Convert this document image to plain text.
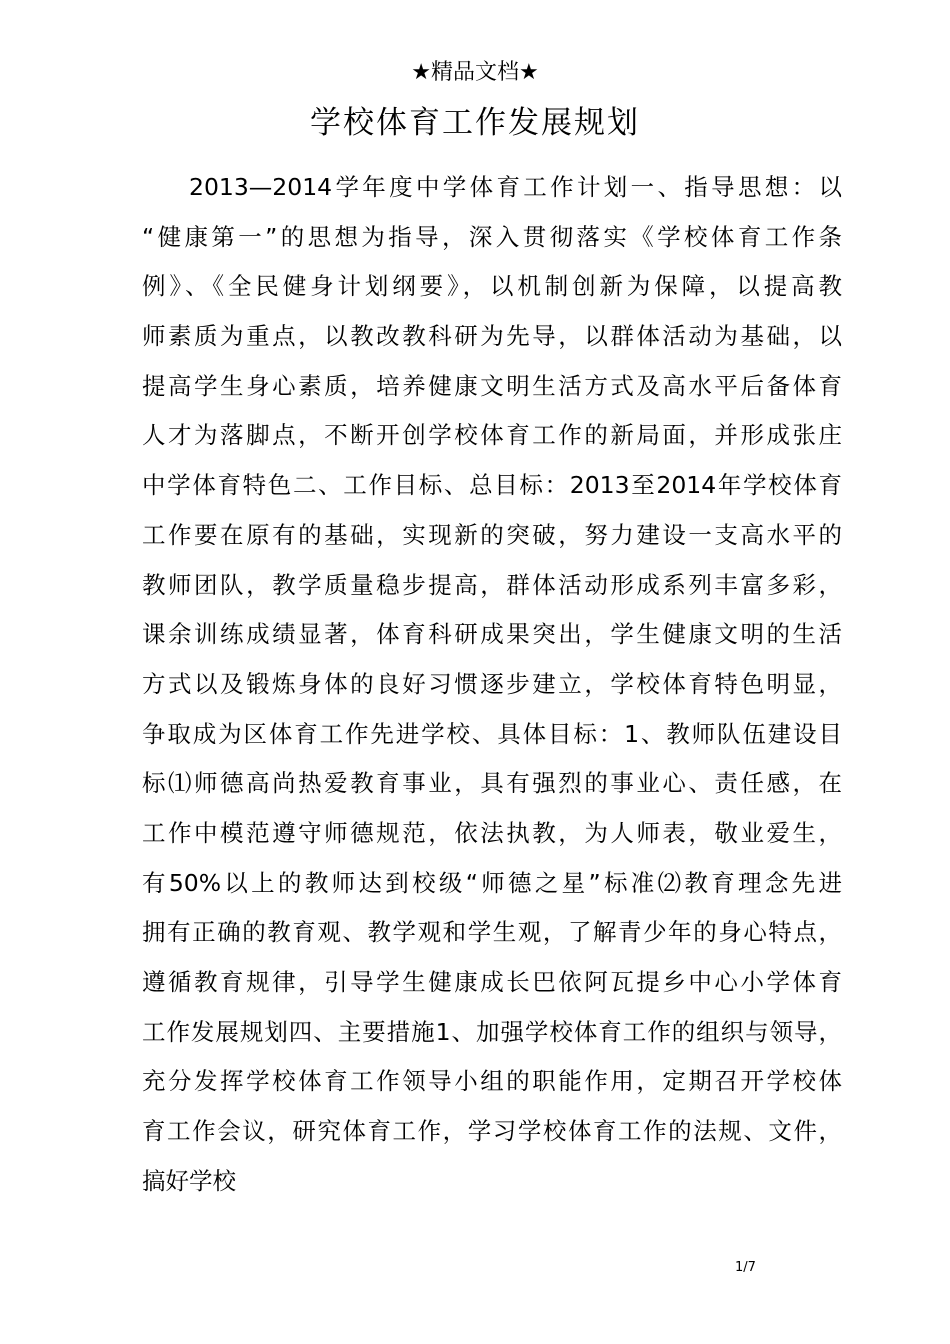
★精品文档★
学校体育工作发展规划
2013—2014学年度中学体育工作计划一、指导思想：以
“健康第一”的思想为指导，深入贯彻落实《学校体育工作条
例》、《全民健身计划纲要》，以机制创新为保障，以提高教
师素质为重点，以教改教科研为先导，以群体活动为基础，以
提高学生身心素质，培养健康文明生活方式及高水平后备体育
人才为落脚点，不断开创学校体育工作的新局面，并形成张庄
中学体育特色二、工作目标、总目标：2013至2014年学校体育
工作要在原有的基础，实现新的突破，努力建设一支高水平的
教师团队，教学质量稳步提高，群体活动形成系列丰富多彩，
课余训练成绩显著，体育科研成果突出，学生健康文明的生活
方式以及锻炼身体的良好习惯逐步建立，学校体育特色明显，
争取成为区体育工作先进学校、具体目标：1、教师队伍建设目
标⑴师德高尚热爱教育事业，具有强烈的事业心、责任感，在
工作中模范遵守师德规范，依法执教，为人师表，敬业爱生，
有50%以上的教师达到校级“师德之星”标准⑵教育理念先进
拥有正确的教育观、教学观和学生观，了解青少年的身心特点，
遵循教育规律，引导学生健康成长巴依阿瓦提乡中心小学体育
工作发展规划四、主要措施1、加强学校体育工作的组织与领导，
充分发挥学校体育工作领导小组的职能作用，定期召开学校体
育工作会议，研究体育工作，学习学校体育工作的法规、文件，
搞好学校
1/7
